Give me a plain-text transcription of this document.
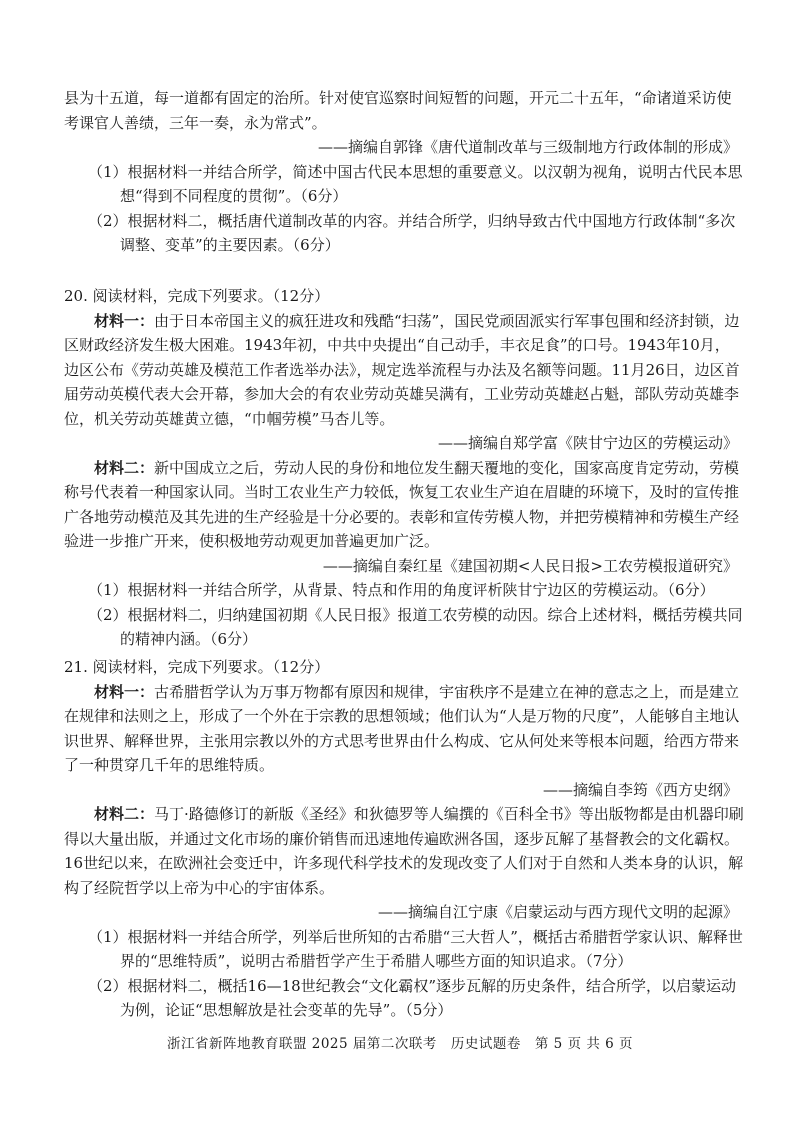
县为十五道，每一道都有固定的治所。针对使官巡察时间短暂的问题，开元二十五年，“命诸道采访使考课官人善绩，三年一奏，永为常式”。

——摘编自郭锋《唐代道制改革与三级制地方行政体制的形成》

（1）根据材料一并结合所学，简述中国古代民本思想的重要意义。以汉朝为视角，说明古代民本思想“得到不同程度的贯彻”。（6分）

（2）根据材料二，概括唐代道制改革的内容。并结合所学，归纳导致古代中国地方行政体制“多次调整、变革”的主要因素。（6分）

20. 阅读材料，完成下列要求。（12分）

材料一：由于日本帝国主义的疯狂进攻和残酷“扫荡”，国民党顽固派实行军事包围和经济封锁，边区财政经济发生极大困难。1943年初，中共中央提出“自己动手，丰衣足食”的口号。1943年10月，边区公布《劳动英雄及模范工作者选举办法》，规定选举流程与办法及名额等问题。11月26日，边区首届劳动英模代表大会开幕，参加大会的有农业劳动英雄吴满有，工业劳动英雄赵占魁，部队劳动英雄李位，机关劳动英雄黄立德，“巾帼劳模”马杏儿等。

——摘编自郑学富《陕甘宁边区的劳模运动》

材料二：新中国成立之后，劳动人民的身份和地位发生翻天覆地的变化，国家高度肯定劳动，劳模称号代表着一种国家认同。当时工农业生产力较低，恢复工农业生产迫在眉睫的环境下，及时的宣传推广各地劳动模范及其先进的生产经验是十分必要的。表彰和宣传劳模人物，并把劳模精神和劳模生产经验进一步推广开来，使积极地劳动观更加普遍更加广泛。

——摘编自秦红星《建国初期<人民日报>工农劳模报道研究》

（1）根据材料一并结合所学，从背景、特点和作用的角度评析陕甘宁边区的劳模运动。（6分）

（2）根据材料二，归纳建国初期《人民日报》报道工农劳模的动因。综合上述材料，概括劳模共同的精神内涵。（6分）

21. 阅读材料，完成下列要求。（12分）

材料一：古希腊哲学认为万事万物都有原因和规律，宇宙秩序不是建立在神的意志之上，而是建立在规律和法则之上，形成了一个外在于宗教的思想领域；他们认为“人是万物的尺度”，人能够自主地认识世界、解释世界，主张用宗教以外的方式思考世界由什么构成、它从何处来等根本问题，给西方带来了一种贯穿几千年的思维特质。

——摘编自李筠《西方史纲》

材料二：马丁·路德修订的新版《圣经》和狄德罗等人编撰的《百科全书》等出版物都是由机器印刷得以大量出版，并通过文化市场的廉价销售而迅速地传遍欧洲各国，逐步瓦解了基督教会的文化霸权。16世纪以来，在欧洲社会变迁中，许多现代科学技术的发现改变了人们对于自然和人类本身的认识，解构了经院哲学以上帝为中心的宇宙体系。

——摘编自江宁康《启蒙运动与西方现代文明的起源》

（1）根据材料一并结合所学，列举后世所知的古希腊“三大哲人”，概括古希腊哲学家认识、解释世界的“思维特质”，说明古希腊哲学产生于希腊人哪些方面的知识追求。（7分）

（2）根据材料二，概括16—18世纪教会“文化霸权”逐步瓦解的历史条件，结合所学，以启蒙运动为例，论证“思想解放是社会变革的先导”。（5分）

浙江省新阵地教育联盟 2025 届第二次联考　历史试题卷　第 5 页 共 6 页
